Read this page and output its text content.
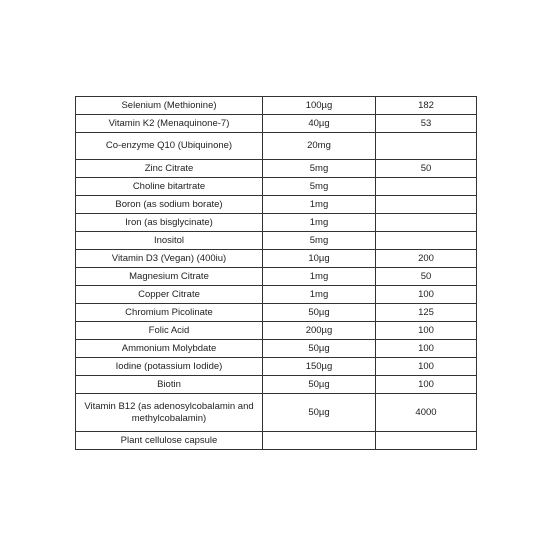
Selenium (Methionine)	100µg	182
Vitamin K2 (Menaquinone-7)	40µg	53
Co-enzyme Q10 (Ubiquinone)	20mg	
Zinc Citrate	5mg	50
Choline bitartrate	5mg	
Boron (as sodium borate)	1mg	
Iron (as bisglycinate)	1mg	
Inositol	5mg	
Vitamin D3 (Vegan) (400iu)	10µg	200
Magnesium Citrate	1mg	50
Copper Citrate	1mg	100
Chromium Picolinate	50µg	125
Folic Acid	200µg	100
Ammonium Molybdate	50µg	100
Iodine (potassium Iodide)	150µg	100
Biotin	50µg	100
Vitamin B12 (as adenosylcobalamin and methylcobalamin)	50µg	4000
Plant cellulose capsule		
